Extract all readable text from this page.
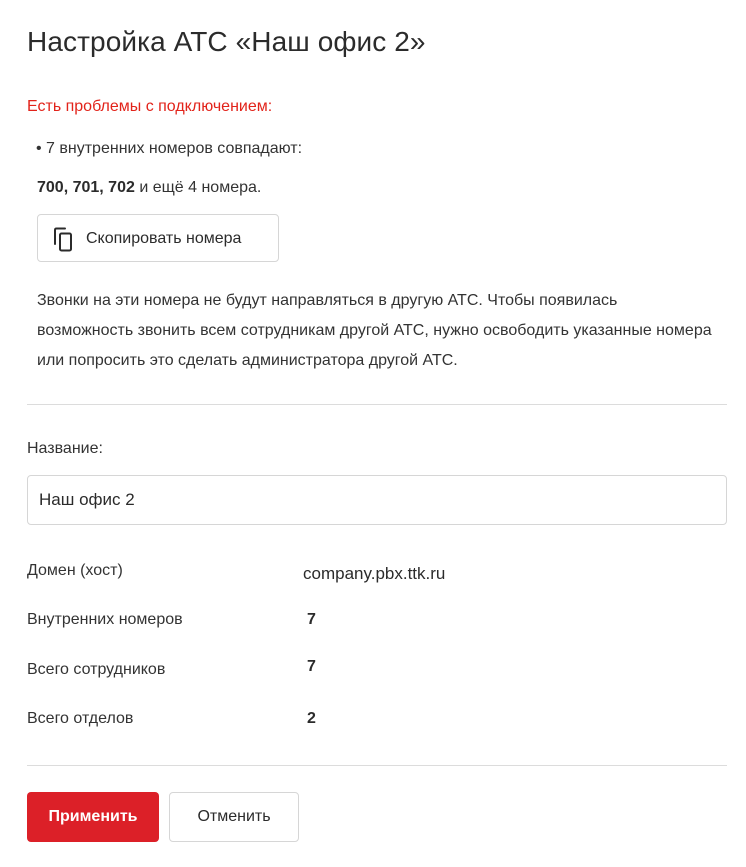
Настройка АТС «Наш офис 2»
Есть проблемы с подключением:
• 7 внутренних номеров совпадают:
700, 701, 702 и ещё 4 номера.
Скопировать номера
Звонки на эти номера не будут направляться в другую АТС. Чтобы появилась возможность звонить всем сотрудникам другой АТС, нужно освободить указанные номера или попросить это сделать администратора другой АТС.
Название:
Наш офис 2
Домен (хост)	company.pbx.ttk.ru
Внутренних номеров	7
Всего сотрудников	7
Всего отделов	2
Применить	Отменить
